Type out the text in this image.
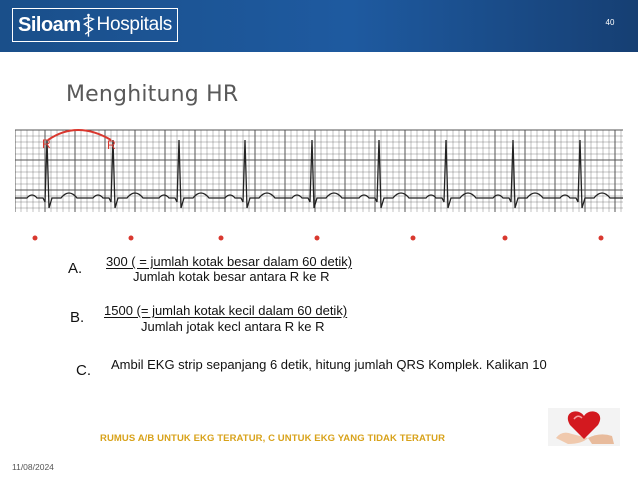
Siloam Hospitals	40
Menghitung HR
R	R
A. 300 ( = jumlah kotak besar dalam 60 detik)
Jumlah kotak besar antara R ke R
B. 1500 (= jumlah kotak kecil dalam 60 detik)
Jumlah jotak kecl antara R ke R
C. Ambil EKG strip sepanjang 6 detik, hitung jumlah QRS Komplek. Kalikan 10
RUMUS A/B UNTUK EKG TERATUR, C UNTUK EKG YANG TIDAK TERATUR
11/08/2024
